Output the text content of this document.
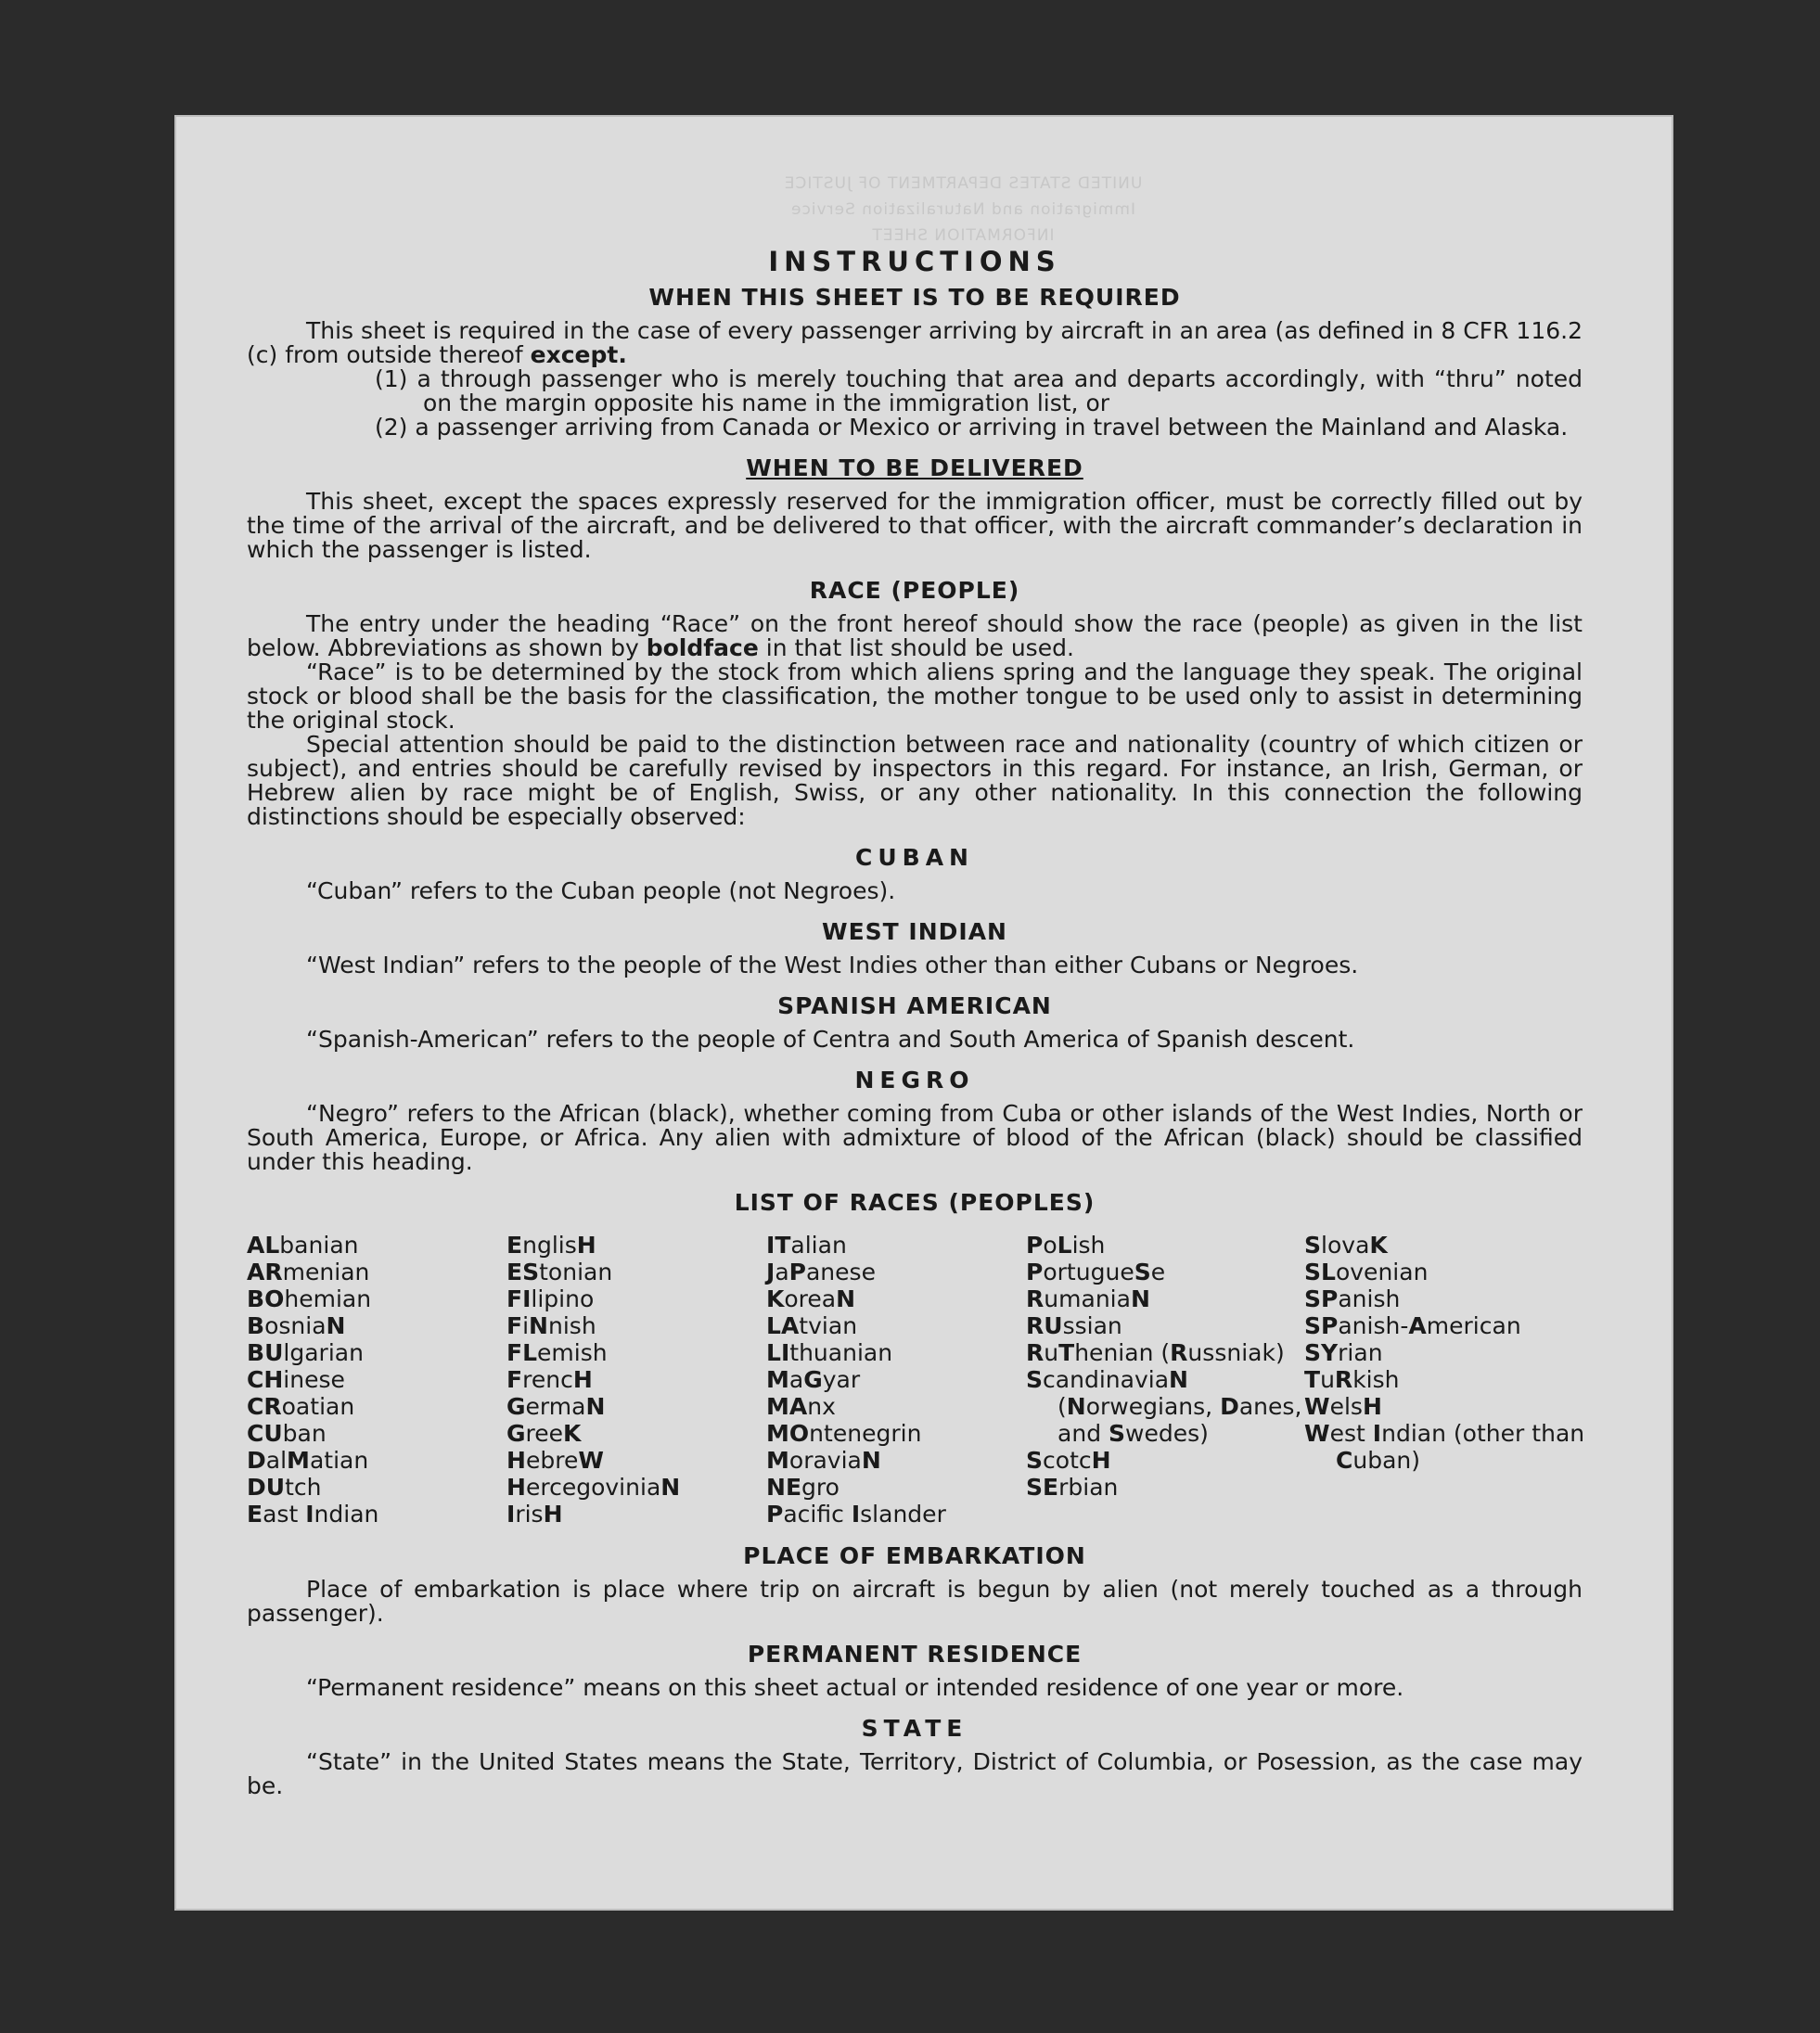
UNITED STATES DEPARTMENT OF JUSTICE
Immigration and Naturalization Service
INFORMATION SHEET
INSTRUCTIONS
WHEN THIS SHEET IS TO BE REQUIRED

This sheet is required in the case of every passenger arriving by aircraft in an area (as defined in 8 CFR 116.2 (c) from outside thereof except.

(1) a through passenger who is merely touching that area and departs accordingly, with “thru” noted on the margin opposite his name in the immigration list, or

(2) a passenger arriving from Canada or Mexico or arriving in travel between the Mainland and Alaska.

WHEN TO BE DELIVERED

This sheet, except the spaces expressly reserved for the immigration officer, must be correctly filled out by the time of the arrival of the aircraft, and be delivered to that officer, with the aircraft commander’s declaration in which the passenger is listed.

RACE (PEOPLE)

The entry under the heading “Race” on the front hereof should show the race (people) as given in the list below. Abbreviations as shown by boldface in that list should be used.

“Race” is to be determined by the stock from which aliens spring and the language they speak. The original stock or blood shall be the basis for the classification, the mother tongue to be used only to assist in determining the original stock.

Special attention should be paid to the distinction between race and nationality (country of which citizen or subject), and entries should be carefully revised by inspectors in this regard. For instance, an Irish, German, or Hebrew alien by race might be of English, Swiss, or any other nationality. In this connection the following distinctions should be especially observed:

CUBAN

“Cuban” refers to the Cuban people (not Negroes).

WEST INDIAN

“West Indian” refers to the people of the West Indies other than either Cubans or Negroes.

SPANISH AMERICAN

“Spanish-American” refers to the people of Centra and South America of Spanish descent.

NEGRO

“Negro” refers to the African (black), whether coming from Cuba or other islands of the West Indies, North or South America, Europe, or Africa. Any alien with admixture of blood of the African (black) should be classified under this heading.

LIST OF RACES (PEOPLES)
ALbanian
ARmenian
BOhemian
BosniaN
BUlgarian
CHinese
CRoatian
CUban
DalMatian
DUtch
East Indian
EnglisH
EStonian
FIlipino
FiNnish
FLemish
FrencH
GermaN
GreeK
HebreW
HercegoviniaN
IrisH
ITalian
JaPanese
KoreaN
LAtvian
LIthuanian
MaGyar
MAnx
MOntenegrin
MoraviaN
NEgro
Pacifc Islander
PoLish
PortugueSe
RumaniaN
RUssian
RuThenian (Russniak)
ScandinaviaN (Norwegians, Danes, and Swedes)
ScotcH
SErbian
SlovaK
SLovenian
SPanish
SPanish-American
SYrian
TuRkish
WelsH
West Indian (other than Cuban)
PLACE OF EMBARKATION

Place of embarkation is place where trip on aircraft is begun by alien (not merely touched as a through passenger).

PERMANENT RESIDENCE

“Permanent residence” means on this sheet actual or intended residence of one year or more.

STATE

“State” in the United States means the State, Territory, District of Columbia, or Posession, as the case may be.
